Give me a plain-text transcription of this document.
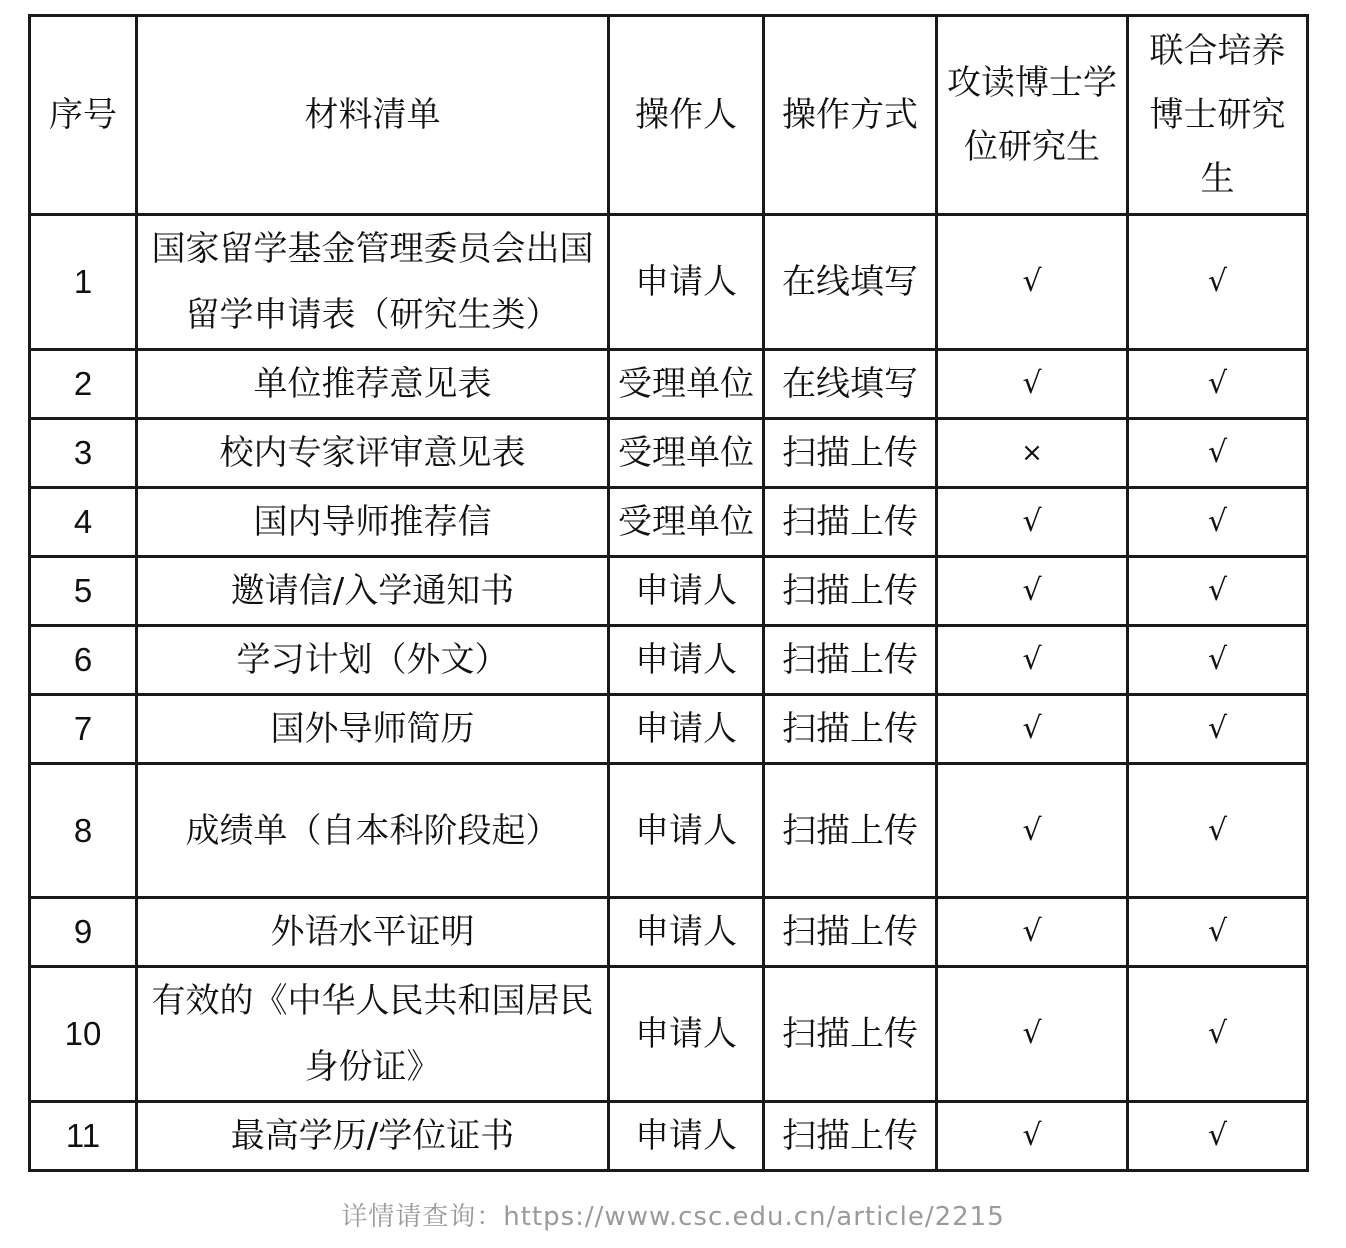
序号	材料清单	操作人	操作方式	攻读博士学位研究生	联合培养博士研究生
1	国家留学基金管理委员会出国留学申请表（研究生类）	申请人	在线填写	√	√
2	单位推荐意见表	受理单位	在线填写	√	√
3	校内专家评审意见表	受理单位	扫描上传	×	√
4	国内导师推荐信	受理单位	扫描上传	√	√
5	邀请信/入学通知书	申请人	扫描上传	√	√
6	学习计划（外文）	申请人	扫描上传	√	√
7	国外导师简历	申请人	扫描上传	√	√
8	成绩单（自本科阶段起）	申请人	扫描上传	√	√
9	外语水平证明	申请人	扫描上传	√	√
10	有效的《中华人民共和国居民身份证》	申请人	扫描上传	√	√
11	最高学历/学位证书	申请人	扫描上传	√	√
详情请查询：https://www.csc.edu.cn/article/2215
